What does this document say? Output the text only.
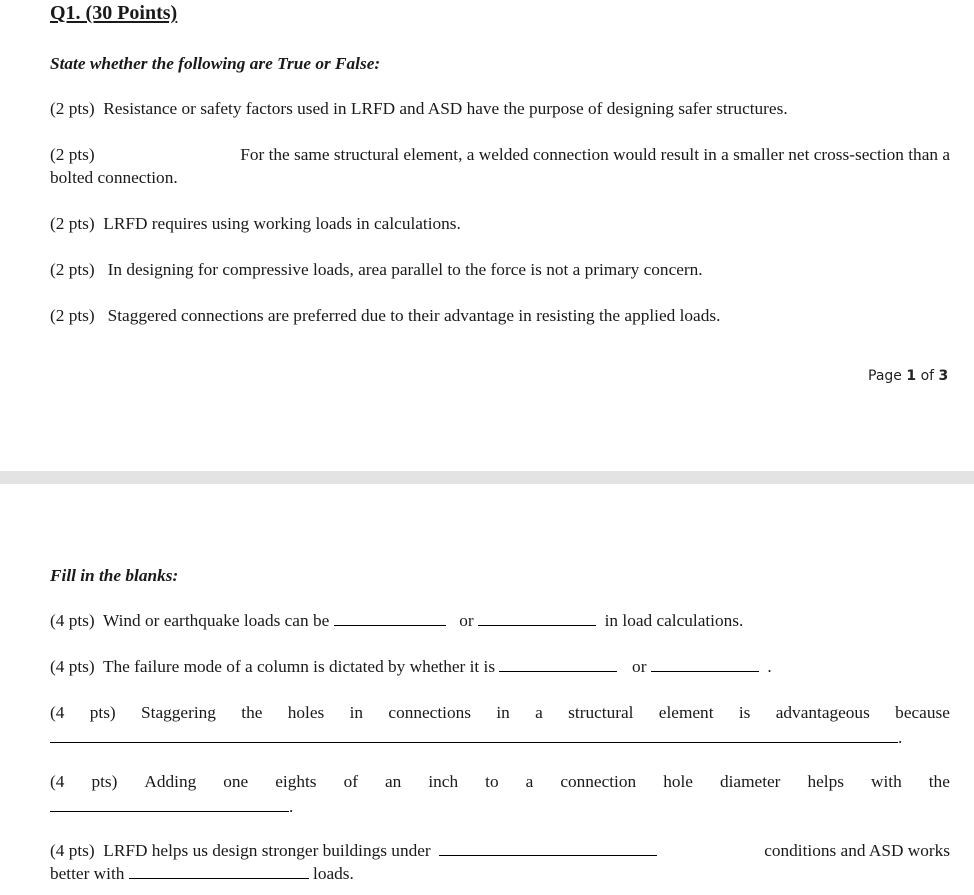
Q1. (30 Points)
State whether the following are True or False:
(2 pts) Resistance or safety factors used in LRFD and ASD have the purpose of designing safer structures.
(2 pts)	For the same structural element, a welded connection would result in a smaller net cross-section than a
bolted connection.
(2 pts) LRFD requires using working loads in calculations.
(2 pts) In designing for compressive loads, area parallel to the force is not a primary concern.
(2 pts) Staggered connections are preferred due to their advantage in resisting the applied loads.
Page 1 of 3
Fill in the blanks:
(4 pts) Wind or earthquake loads can be	or	in load calculations.
(4 pts) The failure mode of a column is dictated by whether it is	or	.
(4 pts) Staggering the holes in connections in a structural element is advantageous because
.
(4 pts) Adding one eights of an inch to a connection hole diameter helps with the
.
(4 pts) LRFD helps us design stronger buildings under	conditions and ASD works
better with	loads.
